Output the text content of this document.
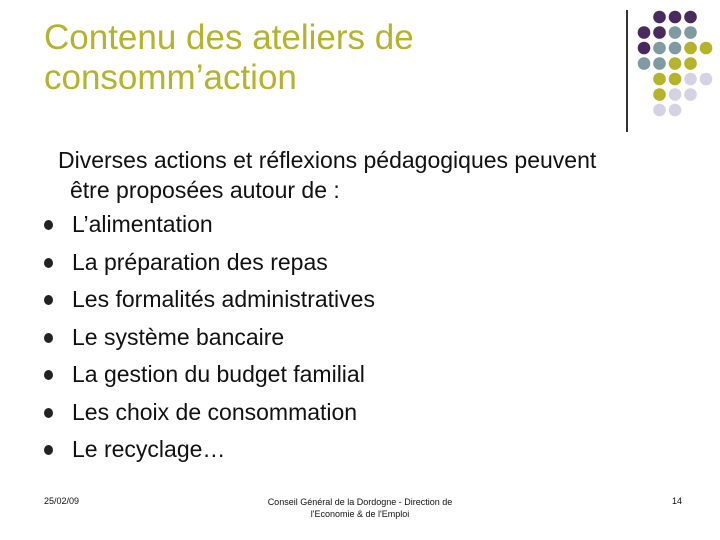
Contenu des ateliers de
consomm’action
Diverses actions et réflexions pédagogiques peuvent
être proposées autour de :
L’alimentation
La préparation des repas
Les formalités administratives
Le système bancaire
La gestion du budget familial
Les choix de consommation
Le recyclage…
25/02/09	Conseil Général de la Dordogne - Direction de
l'Economie & de l'Emploi
14
